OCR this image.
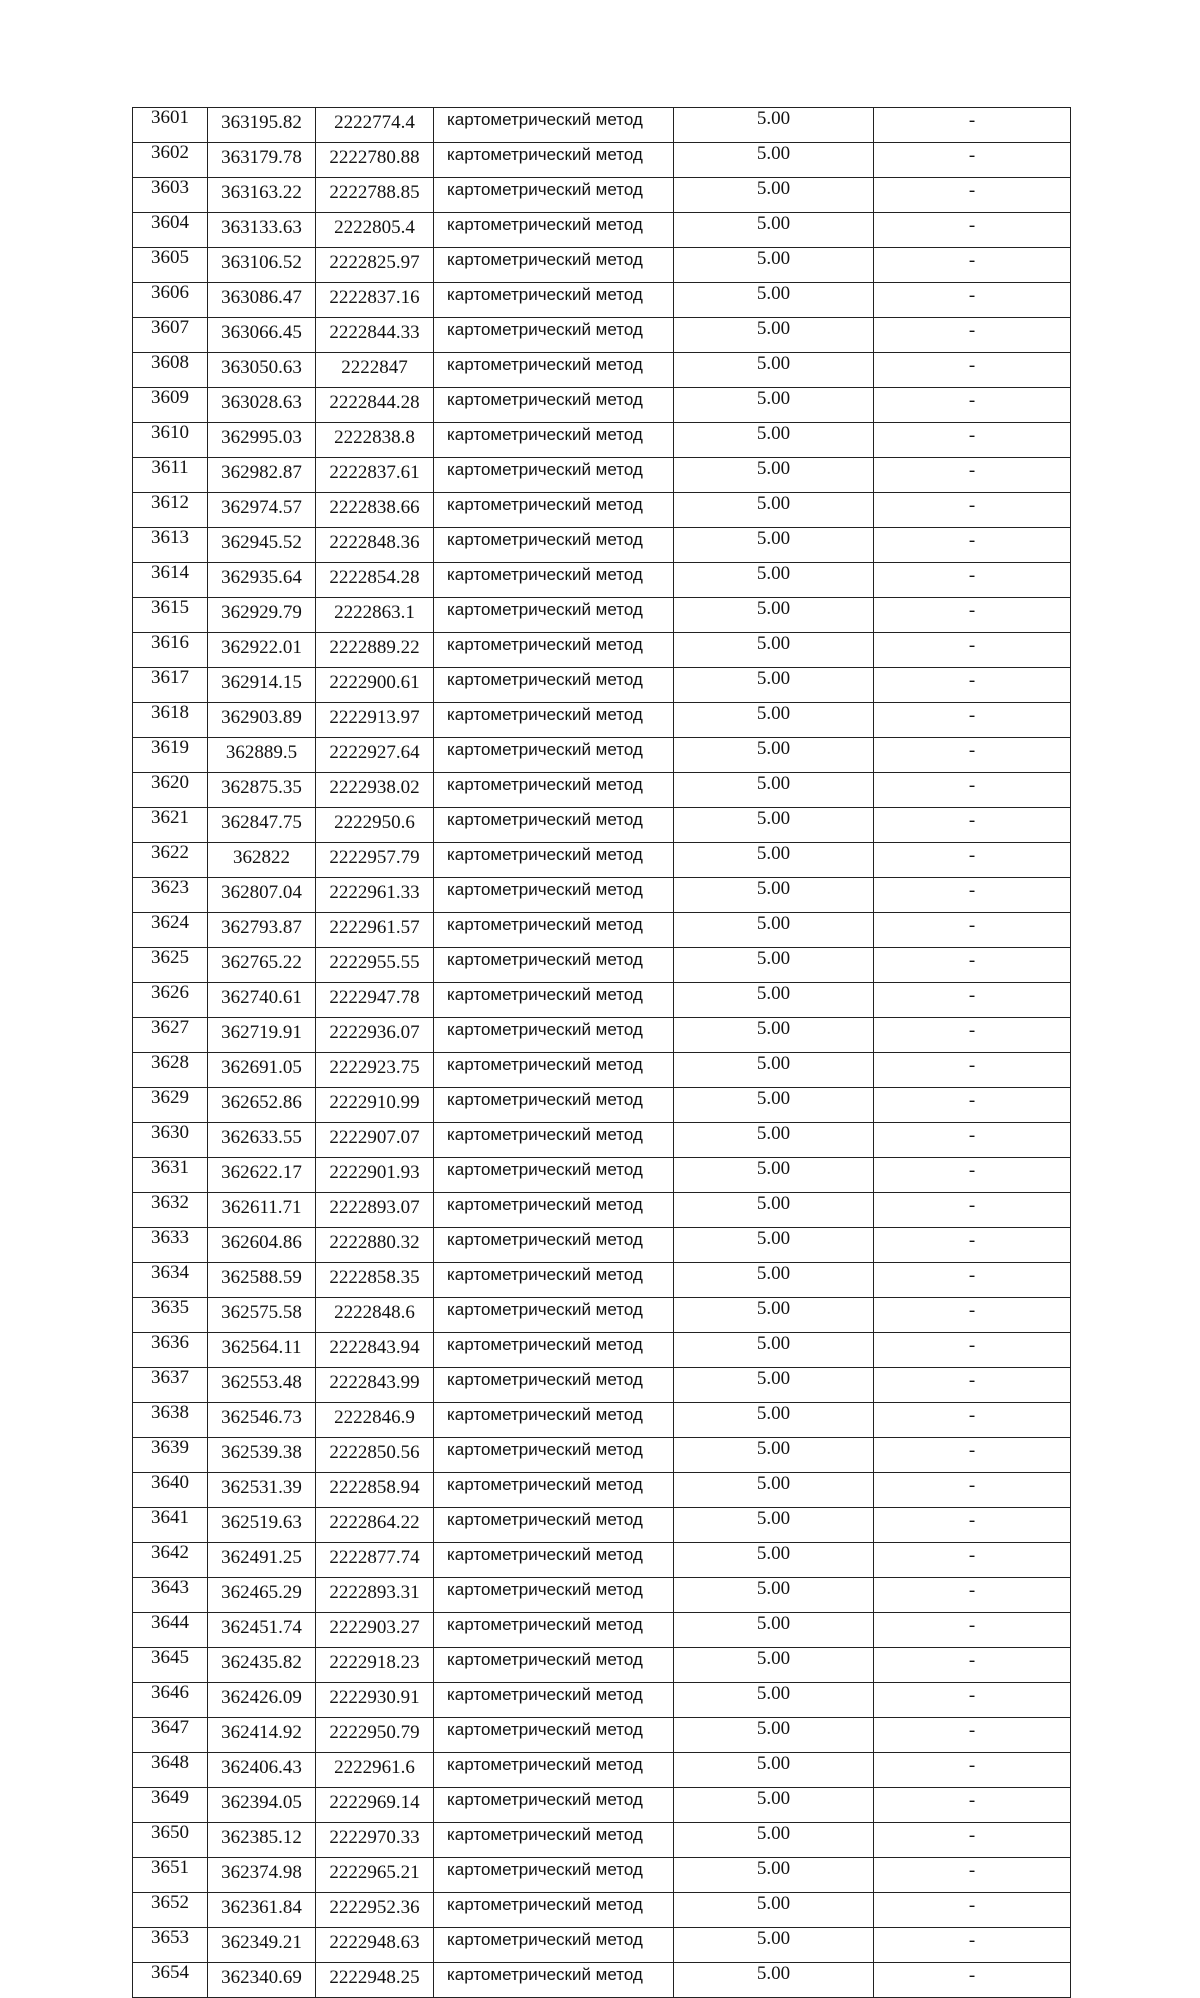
3601	363195.82	2222774.4	картометрический метод	5.00	-
3602	363179.78	2222780.88	картометрический метод	5.00	-
3603	363163.22	2222788.85	картометрический метод	5.00	-
3604	363133.63	2222805.4	картометрический метод	5.00	-
3605	363106.52	2222825.97	картометрический метод	5.00	-
3606	363086.47	2222837.16	картометрический метод	5.00	-
3607	363066.45	2222844.33	картометрический метод	5.00	-
3608	363050.63	2222847	картометрический метод	5.00	-
3609	363028.63	2222844.28	картометрический метод	5.00	-
3610	362995.03	2222838.8	картометрический метод	5.00	-
3611	362982.87	2222837.61	картометрический метод	5.00	-
3612	362974.57	2222838.66	картометрический метод	5.00	-
3613	362945.52	2222848.36	картометрический метод	5.00	-
3614	362935.64	2222854.28	картометрический метод	5.00	-
3615	362929.79	2222863.1	картометрический метод	5.00	-
3616	362922.01	2222889.22	картометрический метод	5.00	-
3617	362914.15	2222900.61	картометрический метод	5.00	-
3618	362903.89	2222913.97	картометрический метод	5.00	-
3619	362889.5	2222927.64	картометрический метод	5.00	-
3620	362875.35	2222938.02	картометрический метод	5.00	-
3621	362847.75	2222950.6	картометрический метод	5.00	-
3622	362822	2222957.79	картометрический метод	5.00	-
3623	362807.04	2222961.33	картометрический метод	5.00	-
3624	362793.87	2222961.57	картометрический метод	5.00	-
3625	362765.22	2222955.55	картометрический метод	5.00	-
3626	362740.61	2222947.78	картометрический метод	5.00	-
3627	362719.91	2222936.07	картометрический метод	5.00	-
3628	362691.05	2222923.75	картометрический метод	5.00	-
3629	362652.86	2222910.99	картометрический метод	5.00	-
3630	362633.55	2222907.07	картометрический метод	5.00	-
3631	362622.17	2222901.93	картометрический метод	5.00	-
3632	362611.71	2222893.07	картометрический метод	5.00	-
3633	362604.86	2222880.32	картометрический метод	5.00	-
3634	362588.59	2222858.35	картометрический метод	5.00	-
3635	362575.58	2222848.6	картометрический метод	5.00	-
3636	362564.11	2222843.94	картометрический метод	5.00	-
3637	362553.48	2222843.99	картометрический метод	5.00	-
3638	362546.73	2222846.9	картометрический метод	5.00	-
3639	362539.38	2222850.56	картометрический метод	5.00	-
3640	362531.39	2222858.94	картометрический метод	5.00	-
3641	362519.63	2222864.22	картометрический метод	5.00	-
3642	362491.25	2222877.74	картометрический метод	5.00	-
3643	362465.29	2222893.31	картометрический метод	5.00	-
3644	362451.74	2222903.27	картометрический метод	5.00	-
3645	362435.82	2222918.23	картометрический метод	5.00	-
3646	362426.09	2222930.91	картометрический метод	5.00	-
3647	362414.92	2222950.79	картометрический метод	5.00	-
3648	362406.43	2222961.6	картометрический метод	5.00	-
3649	362394.05	2222969.14	картометрический метод	5.00	-
3650	362385.12	2222970.33	картометрический метод	5.00	-
3651	362374.98	2222965.21	картометрический метод	5.00	-
3652	362361.84	2222952.36	картометрический метод	5.00	-
3653	362349.21	2222948.63	картометрический метод	5.00	-
3654	362340.69	2222948.25	картометрический метод	5.00	-
